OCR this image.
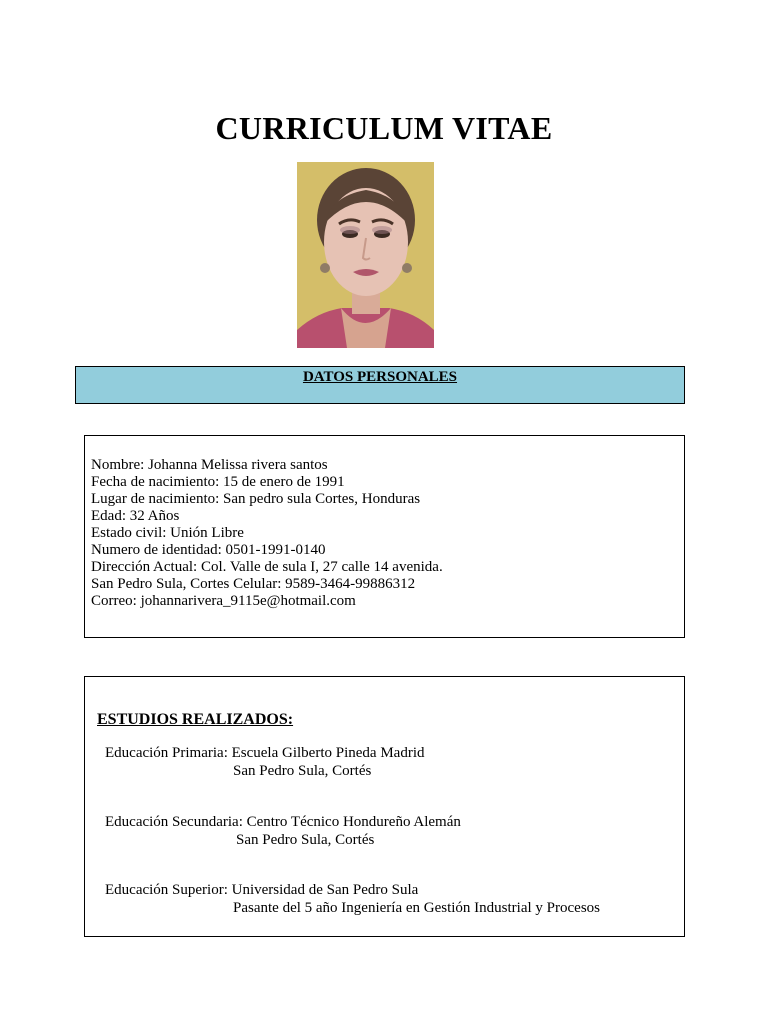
CURRICULUM VITAE
DATOS PERSONALES
Nombre: Johanna Melissa rivera santos
Fecha de nacimiento: 15 de enero de 1991
Lugar de nacimiento: San pedro sula Cortes, Honduras
Edad: 32 Años
Estado civil: Unión Libre
Numero de identidad: 0501-1991-0140
Dirección Actual: Col. Valle de sula I, 27 calle 14 avenida.
San Pedro Sula, Cortes Celular: 9589-3464-99886312
Correo: johannarivera_9115e@hotmail.com
ESTUDIOS REALIZADOS:
Educación Primaria: Escuela Gilberto Pineda Madrid
San Pedro Sula, Cortés
Educación Secundaria: Centro Técnico Hondureño Alemán
San Pedro Sula, Cortés
Educación Superior: Universidad de San Pedro Sula
Pasante del 5 año Ingeniería en Gestión Industrial y Procesos
